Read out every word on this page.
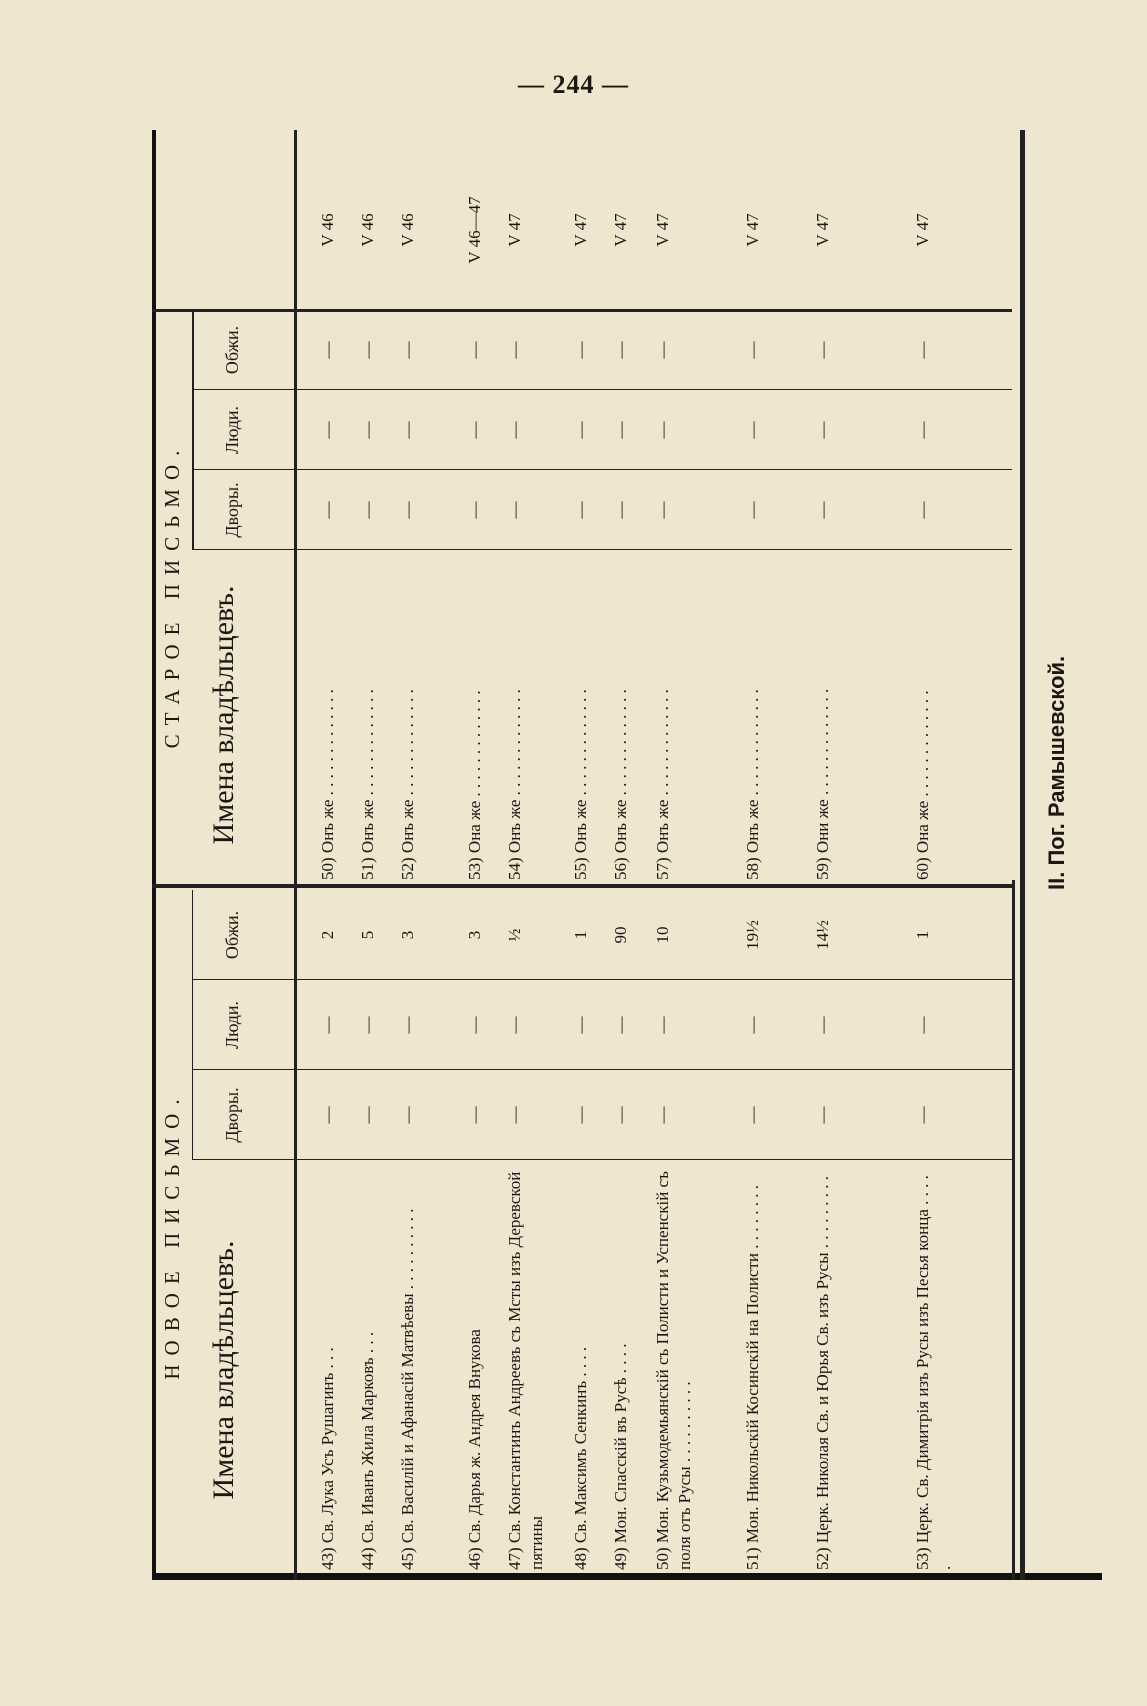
— 244 —
НОВОЕ ПИСЬМО.
СТАРОЕ ПИСЬМО.
Имена владѣльцевъ.
Имена владѣльцевъ.
Дворы.
Люди.
Обжи.
Дворы.
Люди.
Обжи.
43) Св. Лука Усъ Рушагинъ . . .
—
—
2
50) Онъ же . . . . . . . . . . . . .
—
—
—
V 46
44) Св. Иванъ Жила Марковъ . . .
—
—
5
51) Онъ же . . . . . . . . . . . . .
—
—
—
V 46
45) Св. Василій и Афанасій Матвѣевы . . . . . . . . . .
—
—
3
52) Онъ же . . . . . . . . . . . . .
—
—
—
V 46
46) Св. Дарья ж. Андрея Внукова
—
—
3
53) Она же . . . . . . . . . . . . .
—
—
—
V 46—47
47) Св. Константинъ Андреевъ съ Мсты изъ Деревской пятины
—
—
½
54) Онъ же . . . . . . . . . . . . .
—
—
—
V 47
48) Св. Максимъ Сенкинъ . . . .
—
—
1
55) Онъ же . . . . . . . . . . . . .
—
—
—
V 47
49) Мон. Спасскій въ Русѣ . . . .
—
—
90
56) Онъ же . . . . . . . . . . . . .
—
—
—
V 47
50) Мон. Кузьмодемьянскій съ Полисти и Успенскій съ поля отъ Русы . . . . . . . . . .
—
—
10
57) Онъ же . . . . . . . . . . . . .
—
—
—
V 47
51) Мон. Никольскій Косинскій на Полисти . . . . . . . .
—
—
19½
58) Онъ же . . . . . . . . . . . . .
—
—
—
V 47
52) Церк. Николая Св. и Юрья Св. изъ Русы . . . . . . . . .
—
—
14½
59) Они же . . . . . . . . . . . . .
—
—
—
V 47
53) Церк. Св. Димитрія изъ Русы изъ Песья конца . . . . .
—
—
1
60) Она же . . . . . . . . . . . . .
—
—
—
V 47
II. Пог. Рамышевской.
